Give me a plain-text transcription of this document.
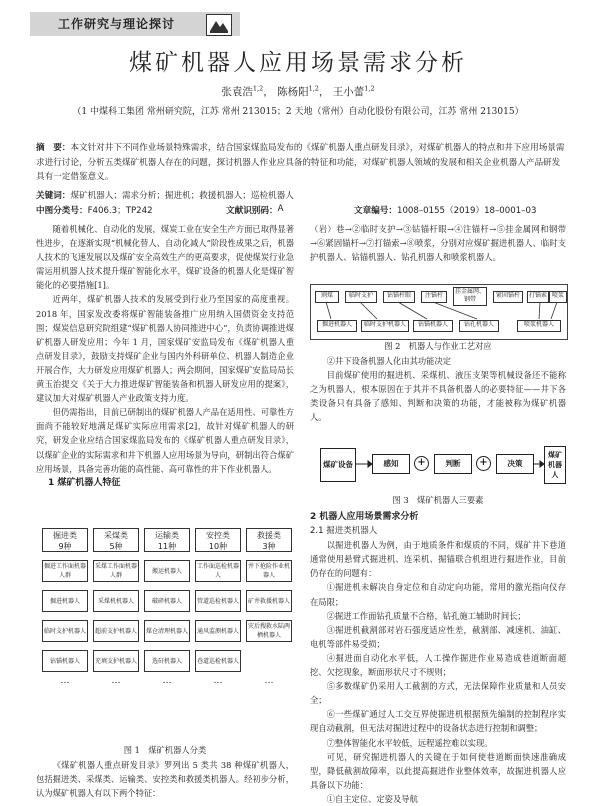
工作研究与理论探讨
煤矿机器人应用场景需求分析
张袁浩$^{1,2}$， 陈杨阳$^{1,2}$， 王小蕾$^{1,2}$
（1 中煤科工集团 常州研究院，江苏 常州 213015；2 天地（常州）自动化股份有限公司，江苏 常州 213015）
摘　要：本文针对井下不同作业场景特殊需求，结合国家煤监局发布的《煤矿机器人重点研发目录》，对煤矿机器人的特点和井下应用场景需求进行讨论，分析五类煤矿机器人存在的问题，探讨机器人作业应具备的特征和功能，对煤矿机器人领域的发展和相关企业机器人产品研发具有一定借鉴意义。
关键词：煤矿机器人；需求分析；掘进机；救援机器人；巡检机器人
中图分类号： F406.3；TP242	文献识别码： A	文章编号： 1008–0155（2019）18–0001–03

随着机械化、自动化的发展，煤炭工业在安全生产方面已取得显著性进步，在逐渐实现“机械化替人、自动化减人”阶段性成果之后，机器人技术的飞速发展以及煤矿安全高效生产的更高要求，促使煤炭行业急需运用机器人技术提升煤矿智能化水平，煤矿设备的机器人化是煤矿智能化的必要措施[1]。

近两年，煤矿机器人技术的发展受到行业乃至国家的高度重视。2018 年，国家发改委将煤矿智能装备推广应用纳入国债资金支持范围；煤炭信息研究院组建“煤矿机器人协同推进中心”，负责协调推进煤矿机器人研发应用；今年 1 月，国家煤矿安监局发布《煤矿机器人重点研发目录》，鼓励支持煤矿企业与国内外科研单位、机器人制造企业开展合作，大力研发应用煤矿机器人；两会期间，国家煤矿安监局局长黄玉治提交《关于大力推进煤矿智能装备和机器人研发应用的提案》，建议加大对煤矿机器人产业政策支持力度。

但仍需指出，目前已研制出的煤矿机器人产品在适用性、可靠性方面尚不能较好地满足煤矿实际应用需求[2]，故针对煤矿机器人的研究，研发企业应结合国家煤监局发布的《煤矿机器人重点研发目录》，以煤矿企业的实际需求和井下机器人应用场景为导向，研制出符合煤矿应用场景，具备完善功能的高性能、高可靠性的井下作业机器人。

1 煤矿机器人特征

掘进类
9种
掘进工作面机器人群
掘进机器人
临时支护机器人
钻锚机器人
…
采煤类
5种
采煤工作面机器人群
采煤机机器人
超前支护机器人
充填支护机器人
…
运输类
11种
搬运机器人
破碎机器人
煤仓清理机器人
选矸机器人
…
安控类
10种
工作面巡检机器人
管道巡检机器人
通风监测机器人
巷道巡检机器人
…
救援类
3种
井下抢险作业机器人
矿井救援机器人
灾后搜救水陆两栖机器人
…
图 1　煤矿机器人分类

《煤矿机器人重点研发目录》罗列出 5 类共 38 种煤矿机器人，包括掘进类、采煤类、运输类、安控类和救援类机器人。经初步分析，认为煤矿机器人有以下两个特征：

（岩）巷→②临时支护→③钻锚杆眼→④注锚杆→⑤挂金属网和钢带→⑥紧固锚杆→⑦打锚索→⑧喷浆，分别对应煤矿掘进机器人、临时支护机器人、钻锚机器人、钻孔机器人和喷浆机器人。

割煤	临时支护	钻锚杆眼	注锚杆
挂金属网、钢带
紧固锚杆	打锚索 喷浆
掘进机器人	临时支护机器人	钻锚机器人	钻孔机器人	喷浆机器人
图 2　机器人与作业工艺对应

②井下设备机器人化由其功能决定

目前煤矿使用的掘进机、采煤机、液压支架等机械设备还不能称之为机器人，根本原因在于其并不具备机器人的必要特征——井下各类设备只有具备了感知、判断和决策的功能，才能被称为煤矿机器人。

煤矿设备	感知	+	判断	+	决策
煤矿机器人
图 3　煤矿机器人三要素

2 机器人应用场景需求分析

2.1 掘进类机器人

以掘进机器人为例，由于地质条件和煤质的不同，煤矿井下巷道通常使用悬臂式掘进机、连采机、掘锚联合机组进行掘进作业，目前仍存在的问题有：

①掘进机未解决自身定位和自动定向功能，常用的激光指向仪存在局限；

②掘进工作面钻孔质量不合格，钻孔施工辅助时间长；

③掘进机截割部对岩石强度适应性差，截割部、减速机、油缸、电机等部件易受损；

④掘进面自动化水平低，人工操作掘进作业易造成巷道断面超挖、欠挖现象，断面形状尺寸不规则；

⑤多数煤矿仍采用人工截割的方式，无法保障作业质量和人员安全；

⑥一些煤矿通过人工交互界使掘进机根据预先编制的控制程序实现自动截割，但无法对掘进过程中的设备状态进行控制和调整；

⑦整体智能化水平较低，远程遥控难以实现。

可见，研究掘进机器人的关键在于如何使巷道断面快速准确成型，降低截割故障率，以此提高掘进作业整体效率，故掘进机器人应具备以下功能：

①自主定位、定姿及导航
